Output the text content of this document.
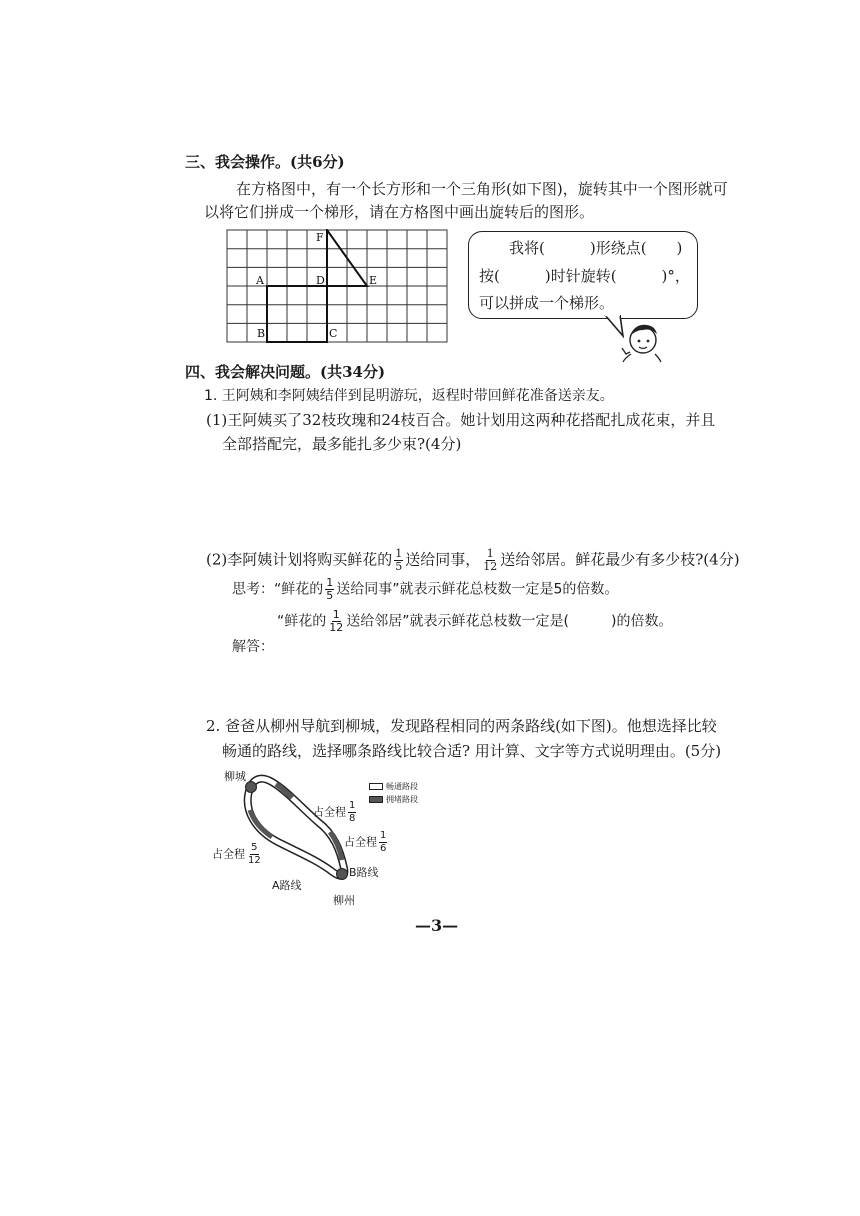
三、我会操作。(共6分)
在方格图中，有一个长方形和一个三角形(如下图)，旋转其中一个图形就可
以将它们拼成一个梯形，请在方格图中画出旋转后的图形。
F
A	D	E
B	C
我将(　　　)形绕点(　　)
按(　　　)时针旋转(　　　)°，
可以拼成一个梯形。
四、我会解决问题。(共34分)
1. 王阿姨和李阿姨结伴到昆明游玩，返程时带回鲜花准备送亲友。
(1)王阿姨买了32枝玫瑰和24枝百合。她计划用这两种花搭配扎成花束，并且
全部搭配完，最多能扎多少束?(4分)
(2)李阿姨计划将购买鲜花的 $\frac{1}{5}$ 送给同事， $\frac{1}{12}$ 送给邻居。鲜花最少有多少枝?(4分)
思考：“鲜花的 $\frac{1}{5}$ 送给同事”就表示鲜花总枝数一定是5的倍数。
“鲜花的 $\frac{1}{12}$ 送给邻居”就表示鲜花总枝数一定是(　　　)的倍数。
解答：
2. 爸爸从柳州导航到柳城，发现路程相同的两条路线(如下图)。他想选择比较
畅通的路线，选择哪条路线比较合适? 用计算、文字等方式说明理由。(5分)
柳城
柳州
畅通路段
拥堵路段
占全程 $\frac{1}{8}$
占全程 $\frac{1}{6}$
占全程 $\frac{5}{12}$
A路线
B路线
—3—
